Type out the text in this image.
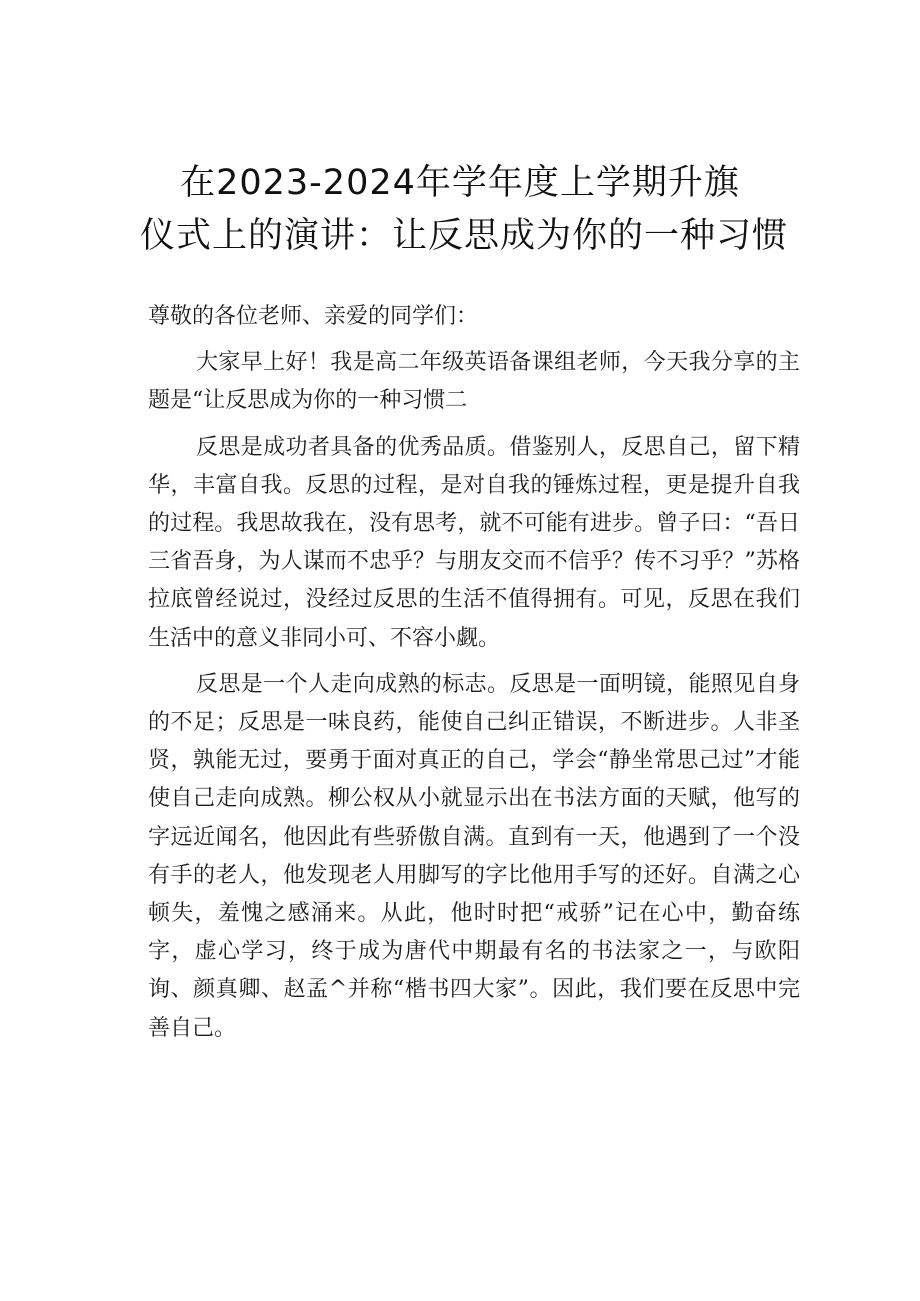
在2023-2024年学年度上学期升旗
仪式上的演讲：让反思成为你的一种习惯

尊敬的各位老师、亲爱的同学们：

大家早上好！我是高二年级英语备课组老师，今天我分享的主题是“让反思成为你的一种习惯二

反思是成功者具备的优秀品质。借鉴别人，反思自己，留下精华，丰富自我。反思的过程，是对自我的锤炼过程，更是提升自我的过程。我思故我在，没有思考，就不可能有进步。曾子曰：“吾日三省吾身，为人谋而不忠乎？与朋友交而不信乎？传不习乎？”苏格拉底曾经说过，没经过反思的生活不值得拥有。可见，反思在我们生活中的意义非同小可、不容小觑。

反思是一个人走向成熟的标志。反思是一面明镜，能照见自身的不足；反思是一味良药，能使自己纠正错误，不断进步。人非圣贤，孰能无过，要勇于面对真正的自己，学会“静坐常思己过”才能使自己走向成熟。柳公权从小就显示出在书法方面的天赋，他写的字远近闻名，他因此有些骄傲自满。直到有一天，他遇到了一个没有手的老人，他发现老人用脚写的字比他用手写的还好。自满之心顿失，羞愧之感涌来。从此，他时时把“戒骄”记在心中，勤奋练字，虚心学习，终于成为唐代中期最有名的书法家之一，与欧阳询、颜真卿、赵孟^并称“楷书四大家”。因此，我们要在反思中完善自己。
